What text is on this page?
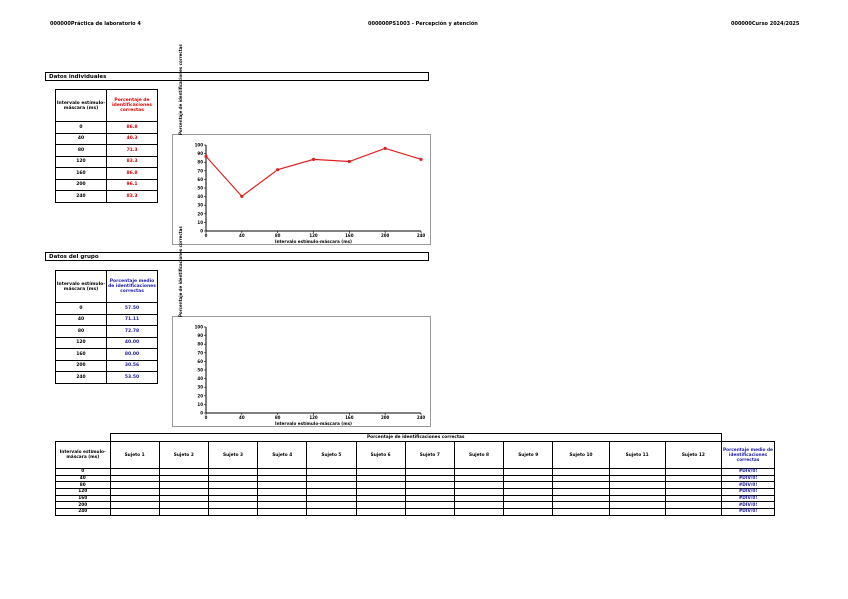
000000Práctica de laboratorio 4	000000PS1003 - Percepción y atención	000000Curso 2024/2025
Datos individuales
Intervalo estímulo-máscara (ms)	Porcentaje de identificaciones correctas
0	86.8
40	40.3
80	71.3
120	83.3
160	86.8
200	96.1
240	83.3
0
10
20
30
40
50
60
70
80
90
100
0	40	80	120	160	200	240
Intervalo estímulo-máscara (ms)
Porcentaje de identificaciones correctas
Datos del grupo
Intervalo estímulo-máscara (ms)	Porcentaje medio de identificaciones correctas
0	57.50
40	71.11
80	72.78
120	40.00
160	80.00
200	30.56
240	53.50
0
10
20
30
40
50
60
70
80
90
100
0	40	80	120	160	200	240
Intervalo estímulo-máscara (ms)
Porcentaje de identificaciones correctas
	Porcentaje de identificaciones correctas												
Intervalo estímulo-máscara (ms)	Sujeto 1	Sujeto 2	Sujeto 3	Sujeto 4	Sujeto 5	Sujeto 6	Sujeto 7	Sujeto 8	Sujeto 9	Sujeto 10	Sujeto 11	Sujeto 12	Porcentaje medio de identificaciones correctas
0													#DIV/0!
40													#DIV/0!
80													#DIV/0!
120													#DIV/0!
160													#DIV/0!
200													#DIV/0!
240													#DIV/0!
